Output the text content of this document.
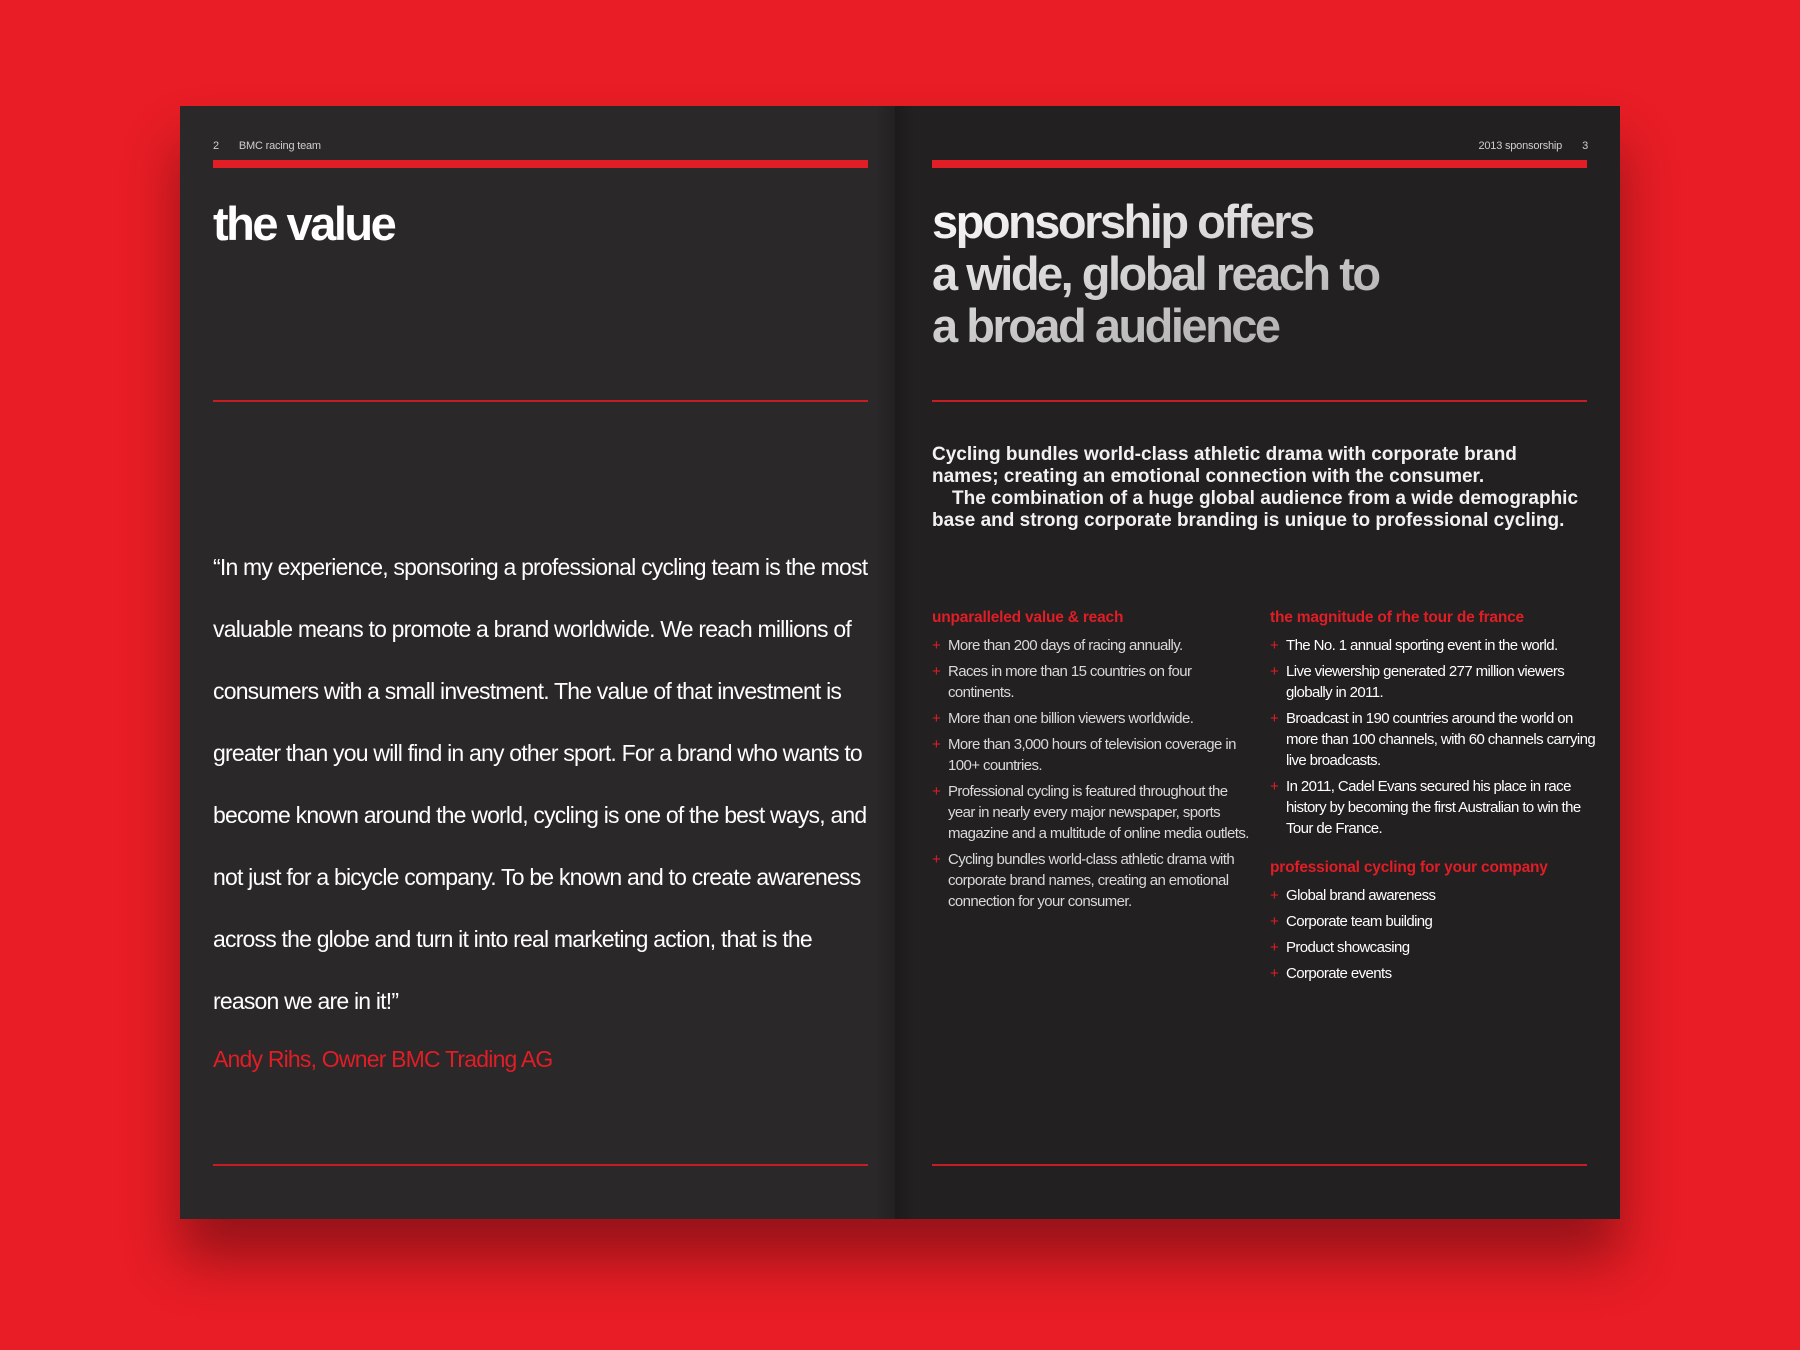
2 BMC racing team
the value

“In my experience, sponsoring a professional cycling team is the most valuable means to promote a brand worldwide. We reach millions of consumers with a small investment. The value of that investment is greater than you will find in any other sport. For a brand who wants to become known around the world, cycling is one of the best ways, and not just for a bicycle company. To be known and to create awareness across the globe and turn it into real marketing action, that is the reason we are in it!”

Andy Rihs, Owner BMC Trading AG

2013 sponsorship 3
sponsorship offers
a wide, global reach to
a broad audience

Cycling bundles world-class athletic drama with corporate brand names; creating an emotional connection with the consumer.
The combination of a huge global audience from a wide demographic base and strong corporate branding is unique to professional cycling.

unparalleled value & reach
+ More than 200 days of racing annually.
+ Races in more than 15 countries on four continents.
+ More than one billion viewers worldwide.
+ More than 3,000 hours of television coverage in 100+ countries.
+ Professional cycling is featured throughout the year in nearly every major newspaper, sports magazine and a multitude of online media outlets.
+ Cycling bundles world-class athletic drama with corporate brand names, creating an emotional connection for your consumer.
the magnitude of rhe tour de france
+ The No. 1 annual sporting event in the world.
+ Live viewership generated 277 million viewers globally in 2011.
+ Broadcast in 190 countries around the world on more than 100 channels, with 60 channels carrying live broadcasts.
+ In 2011, Cadel Evans secured his place in race history by becoming the first Australian to win the Tour de France.
professional cycling for your company
+ Global brand awareness
+ Corporate team building
+ Product showcasing
+ Corporate events
